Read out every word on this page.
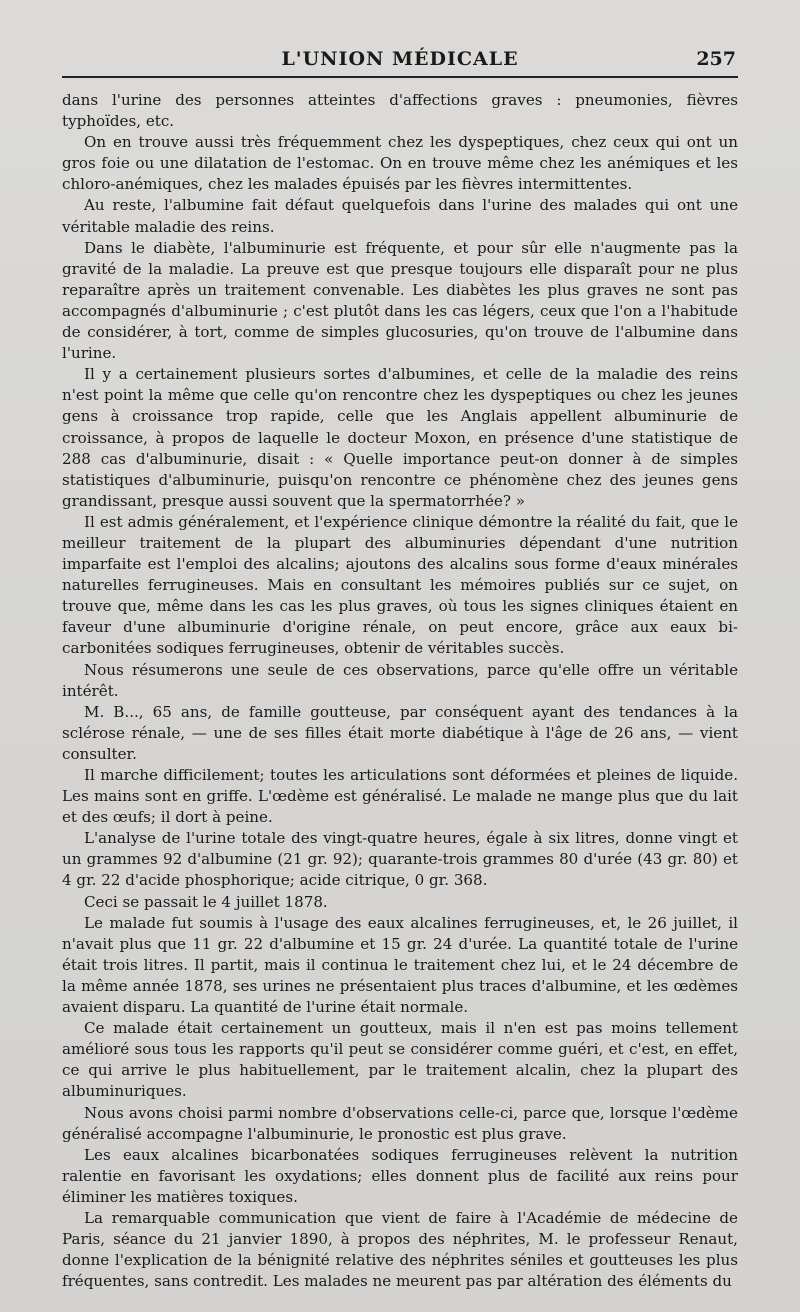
L'UNION MÉDICALE	257

dans l'urine des personnes atteintes d'affections graves : pneumonies, fièvres typhoïdes, etc.

On en trouve aussi très fréquemment chez les dyspeptiques, chez ceux qui ont un gros foie ou une dilatation de l'estomac. On en trouve même chez les anémiques et les chloro-anémiques, chez les malades épuisés par les fièvres intermittentes.

Au reste, l'albumine fait défaut quelquefois dans l'urine des malades qui ont une véritable maladie des reins.

Dans le diabète, l'albuminurie est fréquente, et pour sûr elle n'augmente pas la gravité de la maladie. La preuve est que presque toujours elle disparaît pour ne plus reparaître après un traitement convenable. Les diabètes les plus graves ne sont pas accompagnés d'albuminurie ; c'est plutôt dans les cas légers, ceux que l'on a l'habitude de considérer, à tort, comme de simples glucosuries, qu'on trouve de l'albumine dans l'urine.

Il y a certainement plusieurs sortes d'albumines, et celle de la maladie des reins n'est point la même que celle qu'on rencontre chez les dyspeptiques ou chez les jeunes gens à croissance trop rapide, celle que les Anglais appellent albuminurie de croissance, à propos de laquelle le docteur Moxon, en présence d'une statistique de 288 cas d'albuminurie, disait : « Quelle importance peut-on donner à de simples statistiques d'albuminurie, puisqu'on rencontre ce phénomène chez des jeunes gens grandissant, presque aussi souvent que la spermatorrhée? »

Il est admis généralement, et l'expérience clinique démontre la réalité du fait, que le meilleur traitement de la plupart des albuminuries dépendant d'une nutrition imparfaite est l'emploi des alcalins; ajoutons des alcalins sous forme d'eaux minérales naturelles ferrugineuses. Mais en consultant les mémoires publiés sur ce sujet, on trouve que, même dans les cas les plus graves, où tous les signes cliniques étaient en faveur d'une albuminurie d'origine rénale, on peut encore, grâce aux eaux bi-carbonitées sodiques ferrugineuses, obtenir de véritables succès.

Nous résumerons une seule de ces observations, parce qu'elle offre un véritable intérêt.

M. B..., 65 ans, de famille goutteuse, par conséquent ayant des tendances à la sclérose rénale, — une de ses filles était morte diabétique à l'âge de 26 ans, — vient consulter.

Il marche difficilement; toutes les articulations sont déformées et pleines de liquide. Les mains sont en griffe. L'œdème est généralisé. Le malade ne mange plus que du lait et des œufs; il dort à peine.

L'analyse de l'urine totale des vingt-quatre heures, égale à six litres, donne vingt et un grammes 92 d'albumine (21 gr. 92); quarante-trois grammes 80 d'urée (43 gr. 80) et 4 gr. 22 d'acide phosphorique; acide citrique, 0 gr. 368.

Ceci se passait le 4 juillet 1878.

Le malade fut soumis à l'usage des eaux alcalines ferrugineuses, et, le 26 juillet, il n'avait plus que 11 gr. 22 d'albumine et 15 gr. 24 d'urée. La quantité totale de l'urine était trois litres. Il partit, mais il continua le traitement chez lui, et le 24 décembre de la même année 1878, ses urines ne présentaient plus traces d'albumine, et les œdèmes avaient disparu. La quantité de l'urine était normale.

Ce malade était certainement un goutteux, mais il n'en est pas moins tellement amélioré sous tous les rapports qu'il peut se considérer comme guéri, et c'est, en effet, ce qui arrive le plus habituellement, par le traitement alcalin, chez la plupart des albuminuriques.

Nous avons choisi parmi nombre d'observations celle-ci, parce que, lorsque l'œdème généralisé accompagne l'albuminurie, le pronostic est plus grave.

Les eaux alcalines bicarbonatées sodiques ferrugineuses relèvent la nutrition ralentie en favorisant les oxydations; elles donnent plus de facilité aux reins pour éliminer les matières toxiques.

La remarquable communication que vient de faire à l'Académie de médecine de Paris, séance du 21 janvier 1890, à propos des néphrites, M. le professeur Renaut, donne l'explication de la bénignité relative des néphrites séniles et goutteuses les plus fréquentes, sans contredit. Les malades ne meurent pas par altération des éléments du
